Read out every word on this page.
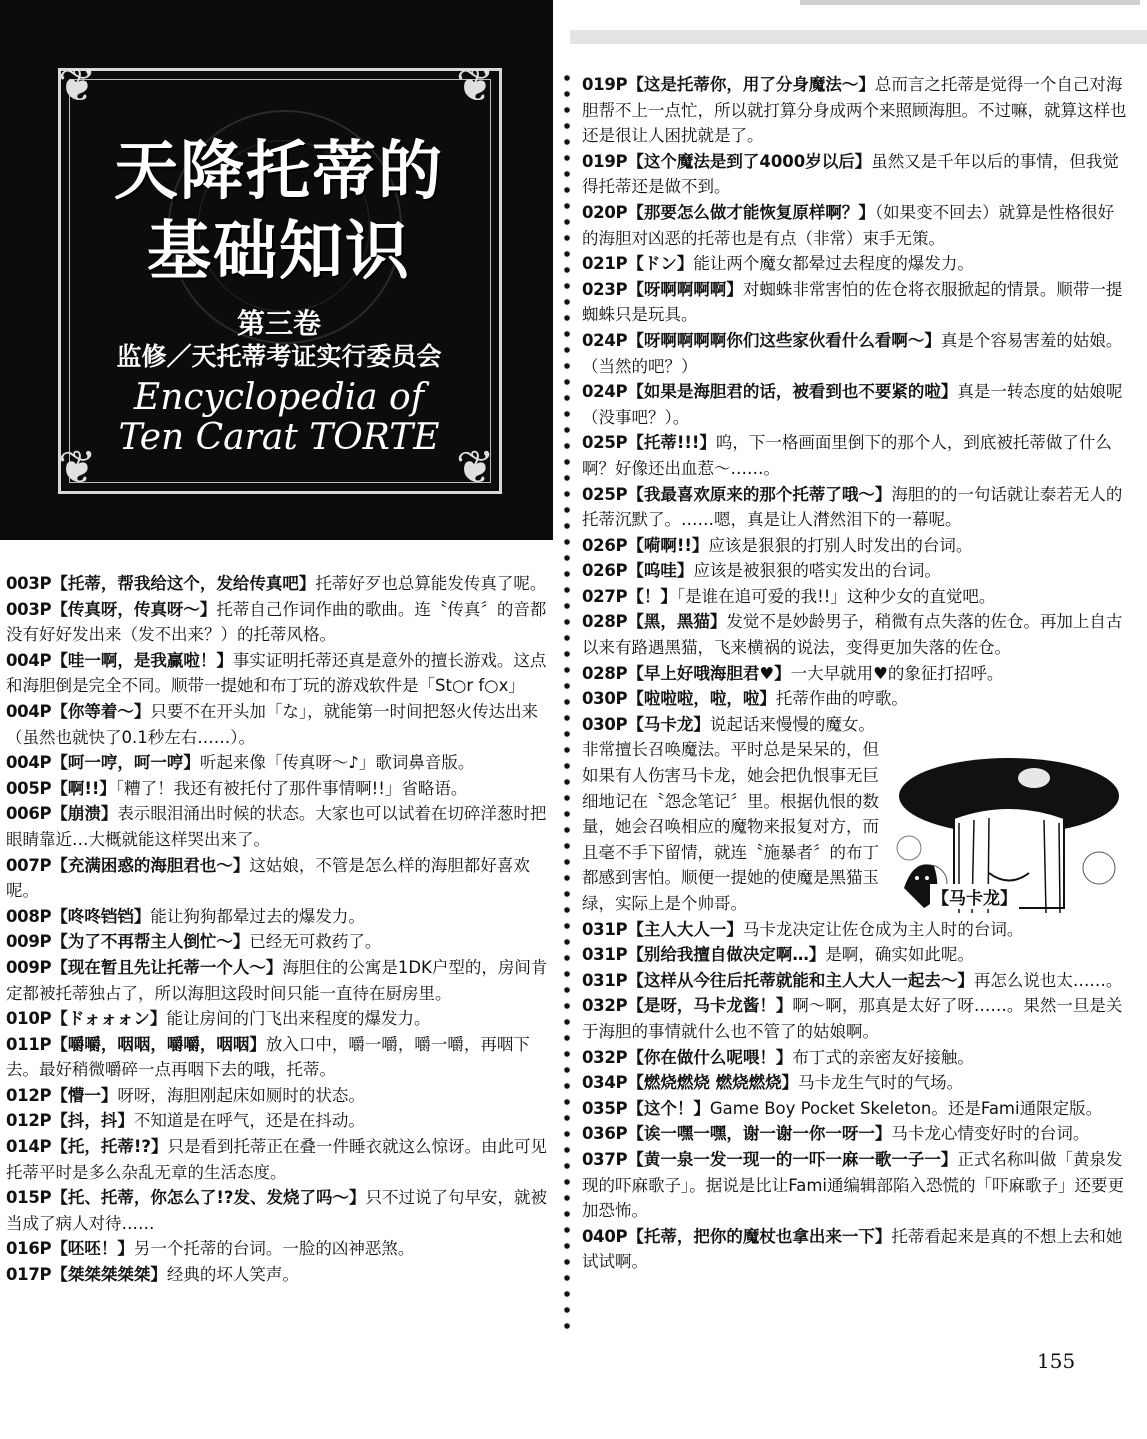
❦	❦
❦	❦
天降托蒂的
基础知识
第三卷
监修／天托蒂考证实行委员会
Encyclopedia of
Ten Carat TORTE

003P【托蒂，帮我给这个，发给传真吧】托蒂好歹也总算能发传真了呢。

003P【传真呀，传真呀～】托蒂自己作词作曲的歌曲。连〝传真〞的音都没有好好发出来（发不出来？）的托蒂风格。

004P【哇一啊，是我赢啦！】事实证明托蒂还真是意外的擅长游戏。这点和海胆倒是完全不同。顺带一提她和布丁玩的游戏软件是「St○r f○x」

004P【你等着～】只要不在开头加「な」，就能第一时间把怒火传达出来（虽然也就快了0.1秒左右……）。

004P【呵一哼，呵一哼】听起来像「传真呀～♪」歌词鼻音版。

005P【啊!!】「糟了！我还有被托付了那件事情啊!!」省略语。

006P【崩溃】表示眼泪涌出时候的状态。大家也可以试着在切碎洋葱时把眼睛靠近…大概就能这样哭出来了。

007P【充满困惑的海胆君也～】这姑娘，不管是怎么样的海胆都好喜欢呢。

008P【咚咚铛铛】能让狗狗都晕过去的爆发力。

009P【为了不再帮主人倒忙～】已经无可救药了。

009P【现在暂且先让托蒂一个人～】海胆住的公寓是1DK户型的，房间肯定都被托蒂独占了，所以海胆这段时间只能一直待在厨房里。

010P【ドォォォン】能让房间的门飞出来程度的爆发力。

011P【嚼嚼，咽咽，嚼嚼，咽咽】放入口中，嚼一嚼，嚼一嚼，再咽下去。最好稍微嚼碎一点再咽下去的哦，托蒂。

012P【懵一】呀呀，海胆刚起床如厕时的状态。

012P【抖，抖】不知道是在呼气，还是在抖动。

014P【托，托蒂!?】只是看到托蒂正在叠一件睡衣就这么惊讶。由此可见托蒂平时是多么杂乱无章的生活态度。

015P【托、托蒂，你怎么了!?发、发烧了吗～】只不过说了句早安，就被当成了病人对待……

016P【呸呸！】另一个托蒂的台词。一脸的凶神恶煞。

017P【桀桀桀桀桀】经典的坏人笑声。

019P【这是托蒂你，用了分身魔法～】总而言之托蒂是觉得一个自己对海胆帮不上一点忙，所以就打算分身成两个来照顾海胆。不过嘛，就算这样也还是很让人困扰就是了。

019P【这个魔法是到了4000岁以后】虽然又是千年以后的事情，但我觉得托蒂还是做不到。

020P【那要怎么做才能恢复原样啊？】（如果变不回去）就算是性格很好的海胆对凶恶的托蒂也是有点（非常）束手无策。

021P【ドン】能让两个魔女都晕过去程度的爆发力。

023P【呀啊啊啊啊】对蜘蛛非常害怕的佐仓将衣服掀起的情景。顺带一提蜘蛛只是玩具。

024P【呀啊啊啊啊你们这些家伙看什么看啊～】真是个容易害羞的姑娘。（当然的吧？）

024P【如果是海胆君的话，被看到也不要紧的啦】真是一转态度的姑娘呢（没事吧？）。

025P【托蒂!!!】呜，下一格画面里倒下的那个人，到底被托蒂做了什么啊？好像还出血惹～……。

025P【我最喜欢原来的那个托蒂了哦～】海胆的的一句话就让泰若无人的托蒂沉默了。……嗯，真是让人潸然泪下的一幕呢。

026P【嗬啊!!】应该是狠狠的打别人时发出的台词。

026P【呜哇】应该是被狠狠的嗒实发出的台词。

027P【！】「是谁在追可爱的我!!」这种少女的直觉吧。

028P【黑，黑猫】发觉不是妙龄男子，稍微有点失落的佐仓。再加上自古以来有路遇黑猫，飞来横祸的说法，变得更加失落的佐仓。

028P【早上好哦海胆君♥】一大早就用♥的象征打招呼。

030P【啦啦啦，啦，啦】托蒂作曲的哼歌。

030P【马卡龙】说起话来慢慢的魔女。非常擅长召唤魔法。平时总是呆呆的，但如果有人伤害马卡龙，她会把仇恨事无巨细地记在〝怨念笔记〞里。根据仇恨的数量，她会召唤相应的魔物来报复对方，而且毫不手下留情，就连〝施暴者〞的布丁都感到害怕。顺便一提她的使魔是黑猫玉绿，实际上是个帅哥。

031P【主人大人一】马卡龙决定让佐仓成为主人时的台词。

031P【别给我擅自做决定啊…】是啊，确实如此呢。

031P【这样从今往后托蒂就能和主人大人一起去～】再怎么说也太……。

032P【是呀，马卡龙酱！】啊～啊，那真是太好了呀……。果然一旦是关于海胆的事情就什么也不管了的姑娘啊。

032P【你在做什么呢喂！】布丁式的亲密友好接触。

034P【燃烧燃烧 燃烧燃烧】马卡龙生气时的气场。

035P【这个！】Game Boy Pocket Skeleton。还是Fami通限定版。

036P【诶一嘿一嘿，谢一谢一你一呀一】马卡龙心情变好时的台词。

037P【黄一泉一发一现一的一吓一麻一歌一子一】正式名称叫做「黄泉发现的吓麻歌子」。据说是比让Fami通编辑部陷入恐慌的「吓麻歌子」还要更加恐怖。

040P【托蒂，把你的魔杖也拿出来一下】托蒂看起来是真的不想上去和她试试啊。

【马卡龙】
155
